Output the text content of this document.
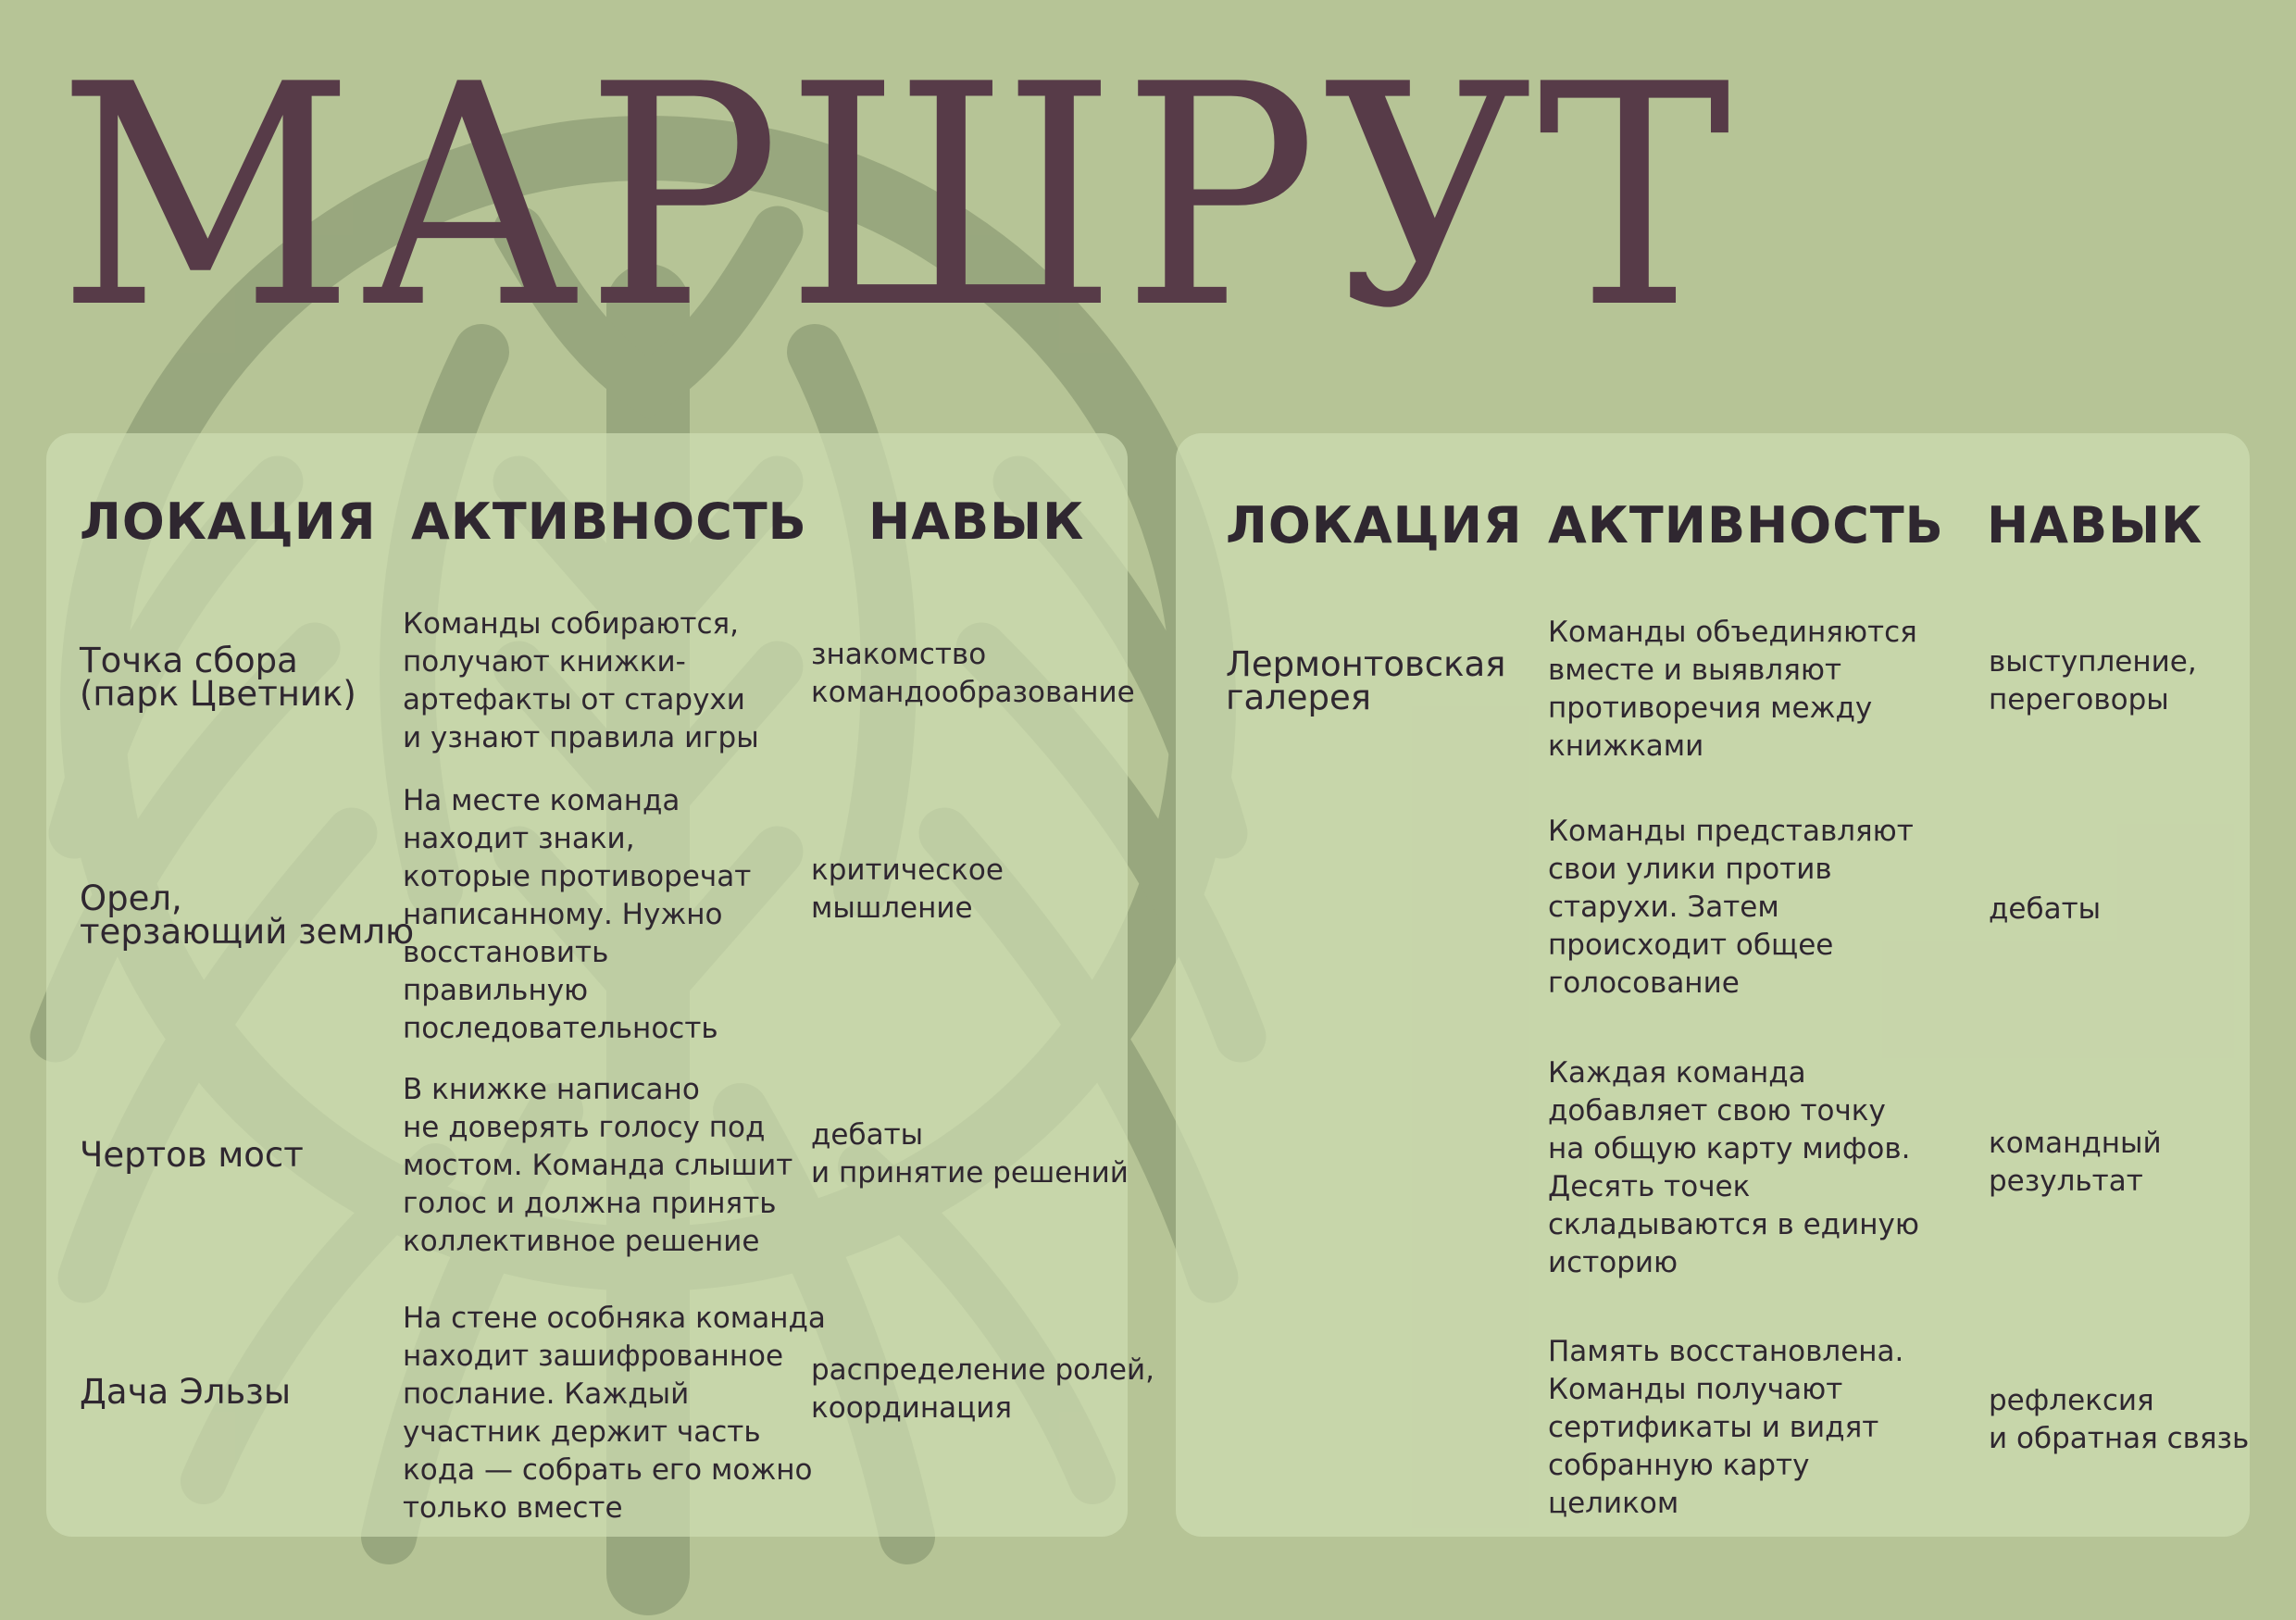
МАРШРУТ
ЛОКАЦИЯ АКТИВНОСТЬ НАВЫК
Точка сбора
(парк Цветник)
Команды собираются,
получают книжки-
артефакты от старухи
и узнают правила игры
знакомство
командообразование
Орел,
терзающий землю
На месте команда
находит знаки,
которые противоречат
написанному. Нужно
восстановить
правильную
последовательность
критическое
мышление
Чертов мост
В книжке написано
не доверять голосу под
мостом. Команда слышит
голос и должна принять
коллективное решение
дебаты
и принятие решений
Дача Эльзы
На стене особняка команда
находит зашифрованное
послание. Каждый
участник держит часть
кода — собрать его можно
только вместе
распределение ролей,
координация
ЛОКАЦИЯ АКТИВНОСТЬ НАВЫК
Лермонтовская
галерея
Команды объединяются
вместе и выявляют
противоречия между
книжками
выступление,
переговоры
Команды представляют
свои улики против
старухи. Затем
происходит общее
голосование
дебаты
Каждая команда
добавляет свою точку
на общую карту мифов.
Десять точек
складываются в единую
историю
командный
результат
Память восстановлена.
Команды получают
сертификаты и видят
собранную карту
целиком
рефлексия
и обратная связь
